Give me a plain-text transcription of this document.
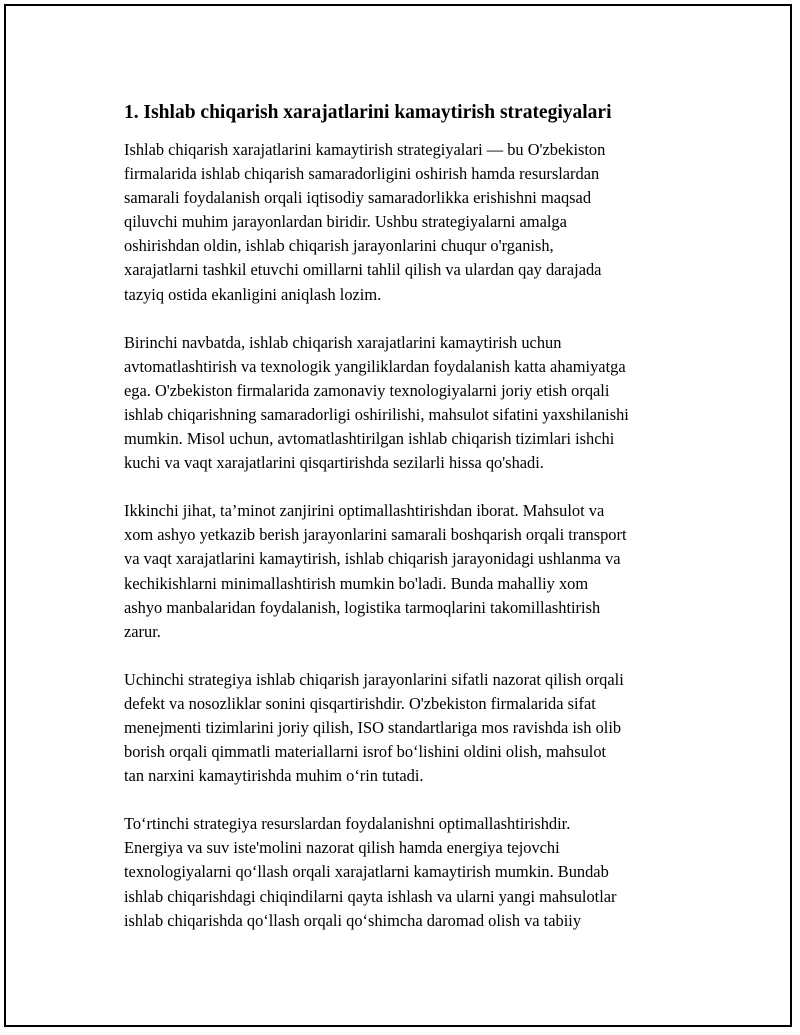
1. Ishlab chiqarish xarajatlarini kamaytirish strategiyalari

Ishlab chiqarish xarajatlarini kamaytirish strategiyalari — bu O'zbekiston
firmalarida ishlab chiqarish samaradorligini oshirish hamda resurslardan
samarali foydalanish orqali iqtisodiy samaradorlikka erishishni maqsad
qiluvchi muhim jarayonlardan biridir. Ushbu strategiyalarni amalga
oshirishdan oldin, ishlab chiqarish jarayonlarini chuqur o'rganish,
xarajatlarni tashkil etuvchi omillarni tahlil qilish va ulardan qay darajada
tazyiq ostida ekanligini aniqlash lozim.

Birinchi navbatda, ishlab chiqarish xarajatlarini kamaytirish uchun
avtomatlashtirish va texnologik yangiliklardan foydalanish katta ahamiyatga
ega. O'zbekiston firmalarida zamonaviy texnologiyalarni joriy etish orqali
ishlab chiqarishning samaradorligi oshirilishi, mahsulot sifatini yaxshilanishi
mumkin. Misol uchun, avtomatlashtirilgan ishlab chiqarish tizimlari ishchi
kuchi va vaqt xarajatlarini qisqartirishda sezilarli hissa qo'shadi.

Ikkinchi jihat, ta’minot zanjirini optimallashtirishdan iborat. Mahsulot va
xom ashyo yetkazib berish jarayonlarini samarali boshqarish orqali transport
va vaqt xarajatlarini kamaytirish, ishlab chiqarish jarayonidagi ushlanma va
kechikishlarni minimallashtirish mumkin bo'ladi. Bunda mahalliy xom
ashyo manbalaridan foydalanish, logistika tarmoqlarini takomillashtirish
zarur.

Uchinchi strategiya ishlab chiqarish jarayonlarini sifatli nazorat qilish orqali
defekt va nosozliklar sonini qisqartirishdir. O'zbekiston firmalarida sifat
menejmenti tizimlarini joriy qilish, ISO standartlariga mos ravishda ish olib
borish orqali qimmatli materiallarni isrof bo‘lishini oldini olish, mahsulot
tan narxini kamaytirishda muhim o‘rin tutadi.

To‘rtinchi strategiya resurslardan foydalanishni optimallashtirishdir.
Energiya va suv iste'molini nazorat qilish hamda energiya tejovchi
texnologiyalarni qo‘llash orqali xarajatlarni kamaytirish mumkin. Bundab
ishlab chiqarishdagi chiqindilarni qayta ishlash va ularni yangi mahsulotlar
ishlab chiqarishda qo‘llash orqali qo‘shimcha daromad olish va tabiiy
